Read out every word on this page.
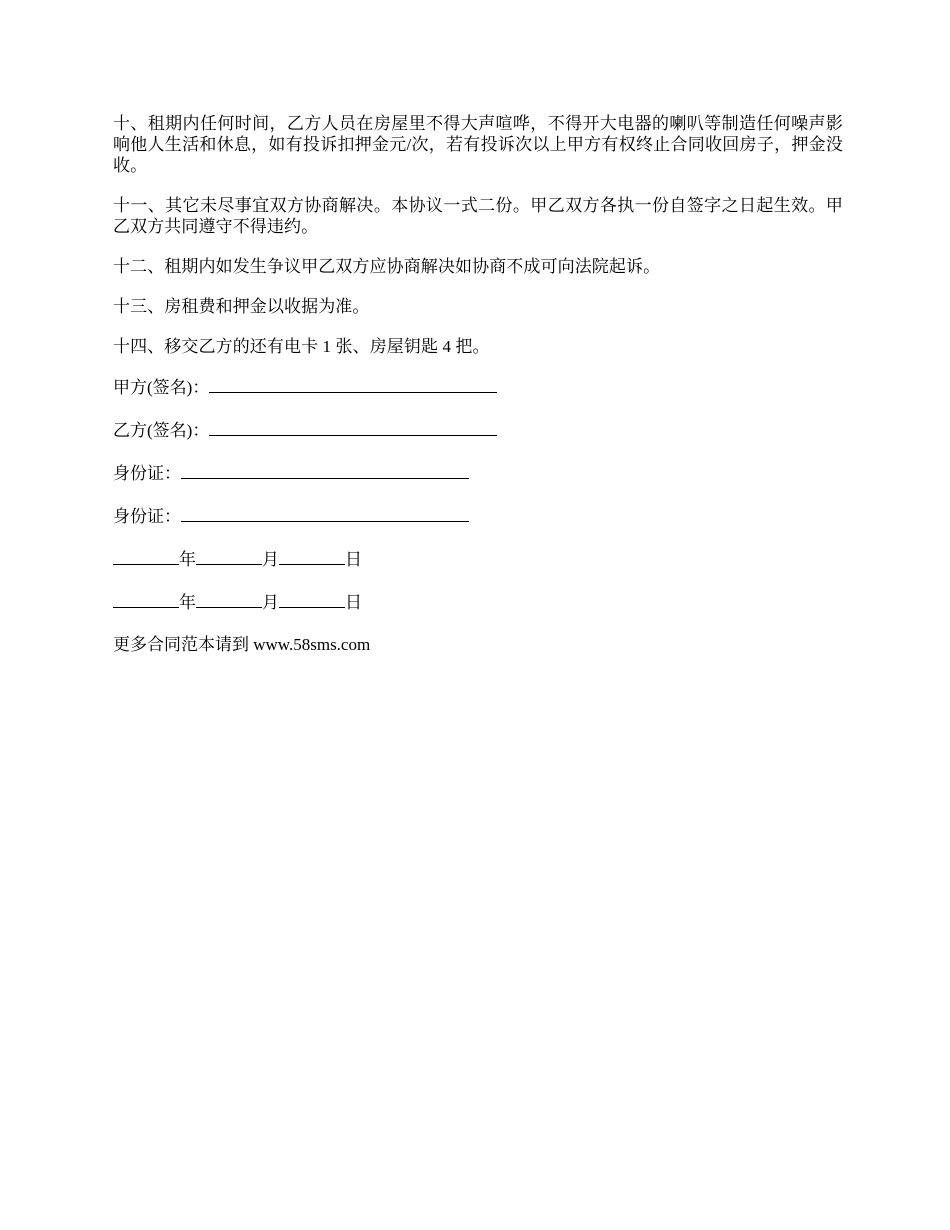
十、租期内任何时间，乙方人员在房屋里不得大声喧哗，不得开大电器的喇叭等制造任何噪声影响他人生活和休息，如有投诉扣押金元/次，若有投诉次以上甲方有权终止合同收回房子，押金没收。

十一、其它未尽事宜双方协商解决。本协议一式二份。甲乙双方各执一份自签字之日起生效。甲乙双方共同遵守不得违约。

十二、租期内如发生争议甲乙双方应协商解决如协商不成可向法院起诉。

十三、房租费和押金以收据为准。

十四、移交乙方的还有电卡 1 张、房屋钥匙 4 把。

甲方(签名)：
乙方(签名)：
身份证：
身份证：
年	月	日
年	月	日
更多合同范本请到 www.58sms.com
